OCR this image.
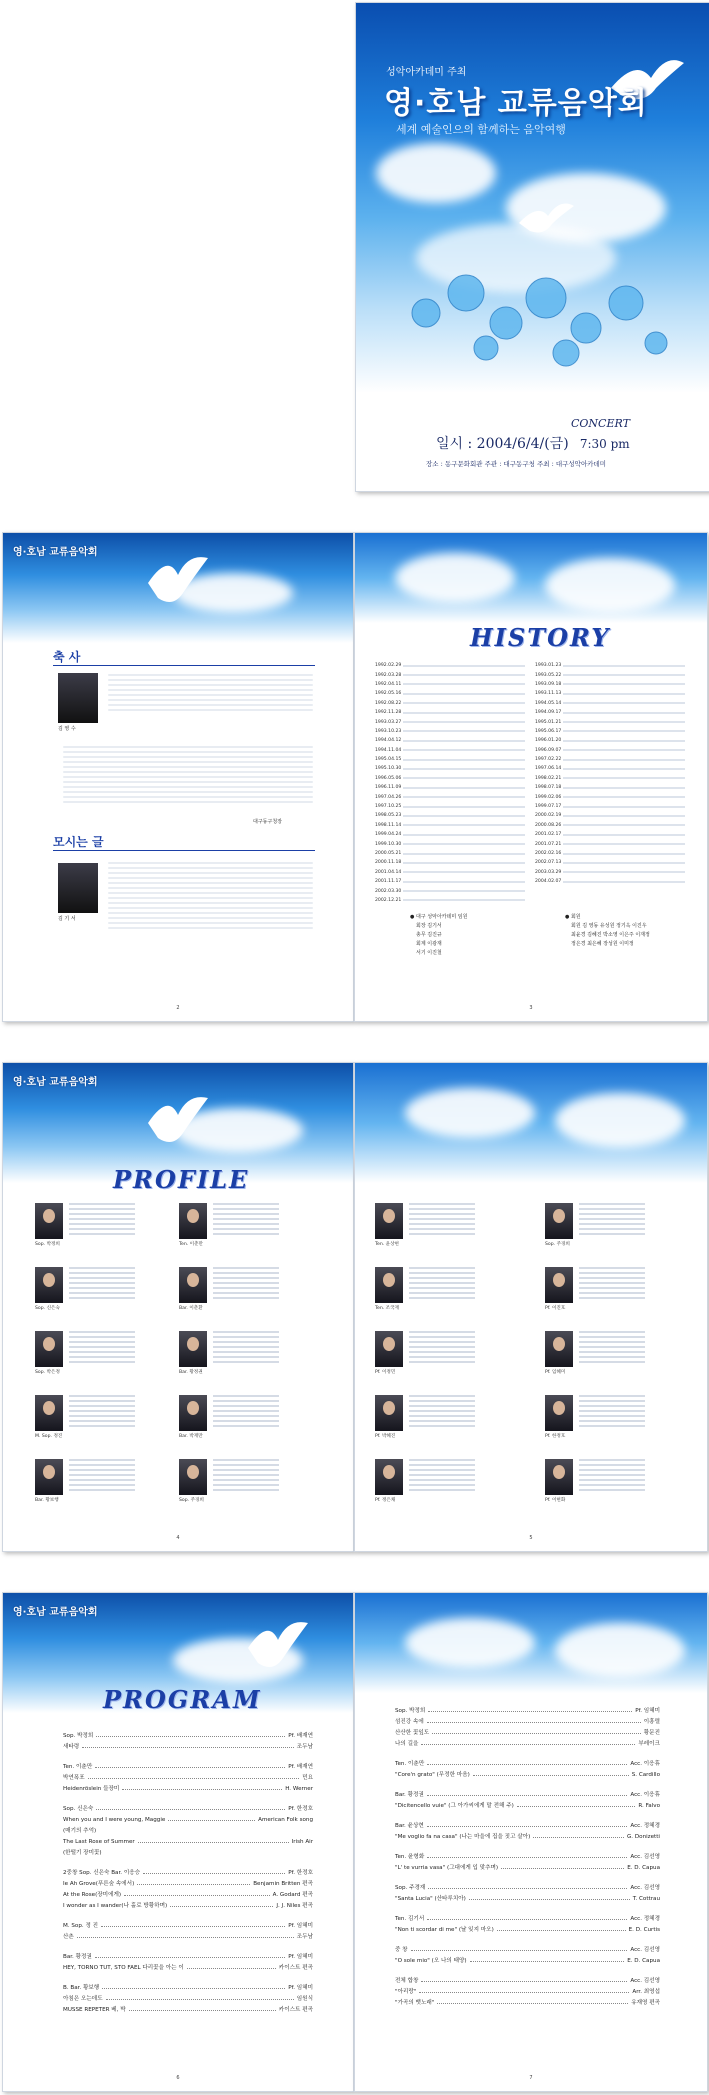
성악아카데미 주최
영·호남 교류음악회
세계 예술인으의 함께하는 음악여행
CONCERT
일시 : 2004/6/4/(금) 7:30 pm
장소 : 동구문화회관 주관 : 대구동구청 주최 : 대구성악아카데미
영·호남 교류음악회
축 사
김 영 수
대구동구청장
모시는 글
김 기 서
2
HISTORY
1992.02.29
1992.03.28
1992.04.11
1992.05.16
1992.08.22
1992.11.28
1993.03.27
1993.10.23
1994.04.12
1994.11.04
1995.04.15
1995.10.30
1996.05.06
1996.11.09
1997.04.26
1997.10.25
1998.05.23
1998.11.14
1999.04.24
1999.10.30
2000.05.21
2000.11.18
2001.04.14
2001.11.17
2002.03.30
2002.12.21
1993.01.23
1993.05.22
1993.09.18
1993.11.13
1994.05.14
1994.09.17
1995.01.21
1995.06.17
1996.01.20
1996.09.07
1997.02.22
1997.06.14
1998.02.21
1998.07.18
1999.02.06
1999.07.17
2000.02.19
2000.08.26
2001.02.17
2001.07.21
2002.02.16
2002.07.13
2003.03.29
2004.02.07
● 대구 성악아카데미 임원
회장 김기서
총무 김진규
회계 이광재
서기 이진철
● 회원
회원 김 영동 유성원 정기옥 이진우
최윤경 김혜진 박소영 이은주 이재정
정은경 최은혜 장성원 이미정
3
영·호남 교류음악회
PROFILE
Sop. 박정희	Ten. 이춘만
Sop. 신은숙	Bar. 이춘환
Sop. 박은정	Bar. 황정권
M. Sop. 정진	Bar. 박재만
Bar. 황보행	Sop. 주경희
4
Ten. 윤상현	Sop. 주경희
Ten. 조국재	Pf. 이진호
Pf. 이정민	Pf. 임혜미
Pf. 박혜진	Pf. 한정호
Pf. 정은채	Pf. 이현화
5
영·호남 교류음악회
PROGRAM
Sop. 박정희	Pf. 배재연
새타령	조두남
Ten. 이춘만	Pf. 배재연
박연폭포	민요
Heidenröslein 들장미	H. Werner
Sop. 신은숙	Pf. 한정호
When you and I were young, Maggie	American Folk song
(매기의 추억)
The Last Rose of Summer	Irish Air
(한떨기 장미꽃)
2중창 Sop. 신은숙 Bar. 이응승	Pf. 한정호
Ie Ah Grove(푸른숲 속에서)	Benjamin Britten 편곡
At the Rose(장미에게)	A. Godard 편곡
I wonder as I wander(나 홀로 방황하며)	J. J. Niles 편곡
M. Sop. 정 진	Pf. 임혜미
산촌	조두남
Bar. 황정권	Pf. 임혜미
HEY, TORNO TUT, STO FAEL 다리꽃을 아는 이	카이스트 편곡
B. Bar. 황보행	Pf. 임혜미
아침은 오는데도	임원식
MUSSE REPETER 베, 박	카이스트 편곡
6
Sop. 박정희	Pf. 임혜미
섬진강 속에	이흥렬
산산한 꽃잎도	황문진
나의 길을	부레이크
Ten. 이춘만	Acc. 이응휴
"Core'n grato" (무정한 마음)	S. Cardillo
Bar. 황정권	Acc. 이응휴
"Dicitencello vuie" (그 아가씨에게 말 전해 주)	R. Falvo
Bar. 윤상현	Acc. 정혜경
"Me voglio fa na casa" (나는 마을에 집을 짓고 살아)	G. Donizetti
Ten. 윤형화	Acc. 김선영
"L' te vurria vasa" (그대에게 입 맞추며)	E. D. Capua
Sop. 주경재	Acc. 김선영
"Santa Lucia" (산타루치아)	T. Cottrau
Ten. 김기서	Acc. 정혜경
"Non ti scordar di me" (날 잊지 마오)	E. D. Curtis
중 창	Acc. 김선영
"O sole mio" (오 나의 태양)	E. D. Capua
전체 합창	Acc. 김선영
"아리랑"	Arr. 최영섭
"가곡의 뱃노래"	유재영 편곡
7
